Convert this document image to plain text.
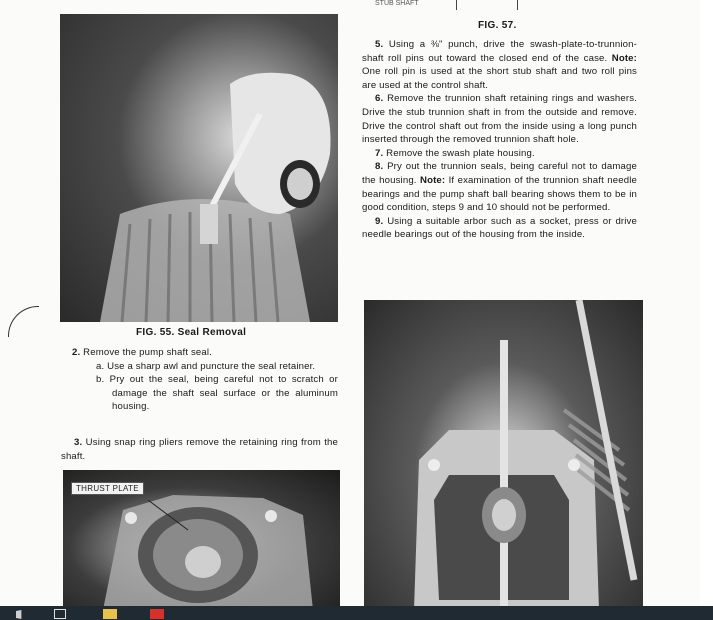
STUB SHAFT
FIG. 55. Seal Removal

2. Remove the pump shaft seal.

a. Use a sharp awl and puncture the seal retainer.

b. Pry out the seal, being careful not to scratch or damage the shaft seal surface or the aluminum housing.

3. Using snap ring pliers remove the retaining ring from the shaft.
THRUST PLATE
FIG. 57.

5. Using a ⅜" punch, drive the swash-plate-to-trunnion-shaft roll pins out toward the closed end of the case. Note: One roll pin is used at the short stub shaft and two roll pins are used at the control shaft.

6. Remove the trunnion shaft retaining rings and washers. Drive the stub trunnion shaft in from the outside and remove. Drive the control shaft out from the inside using a long punch inserted through the removed trunnion shaft hole.

7. Remove the swash plate housing.

8. Pry out the trunnion seals, being careful not to damage the housing. Note: If examination of the trunnion shaft needle bearings and the pump shaft ball bearing shows them to be in good condition, steps 9 and 10 should not be performed.

9. Using a suitable arbor such as a socket, press or drive needle bearings out of the housing from the inside.
